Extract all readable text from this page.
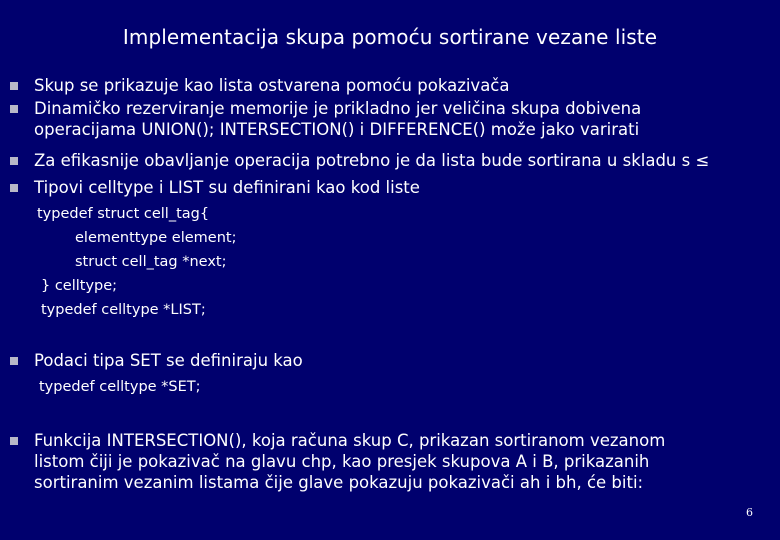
Implementacija skupa pomoću sortirane vezane liste
Skup se prikazuje kao lista ostvarena pomoću pokazivača
Dinamičko rezerviranje memorije je prikladno jer veličina skupa dobivena
operacijama UNION(); INTERSECTION() i DIFFERENCE() može jako varirati
Za efikasnije obavljanje operacija potrebno je da lista bude sortirana u skladu s ≤
Tipovi celltype i LIST su definirani kao kod liste
typedef struct cell_tag{
elementtype element;
struct cell_tag *next;
} celltype;
typedef celltype *LIST;
Podaci tipa SET se definiraju kao
typedef celltype *SET;
Funkcija INTERSECTION(), koja računa skup C, prikazan sortiranom vezanom
listom čiji je pokazivač na glavu chp, kao presjek skupova A i B, prikazanih
sortiranim vezanim listama čije glave pokazuju pokazivači ah i bh, će biti:
6
